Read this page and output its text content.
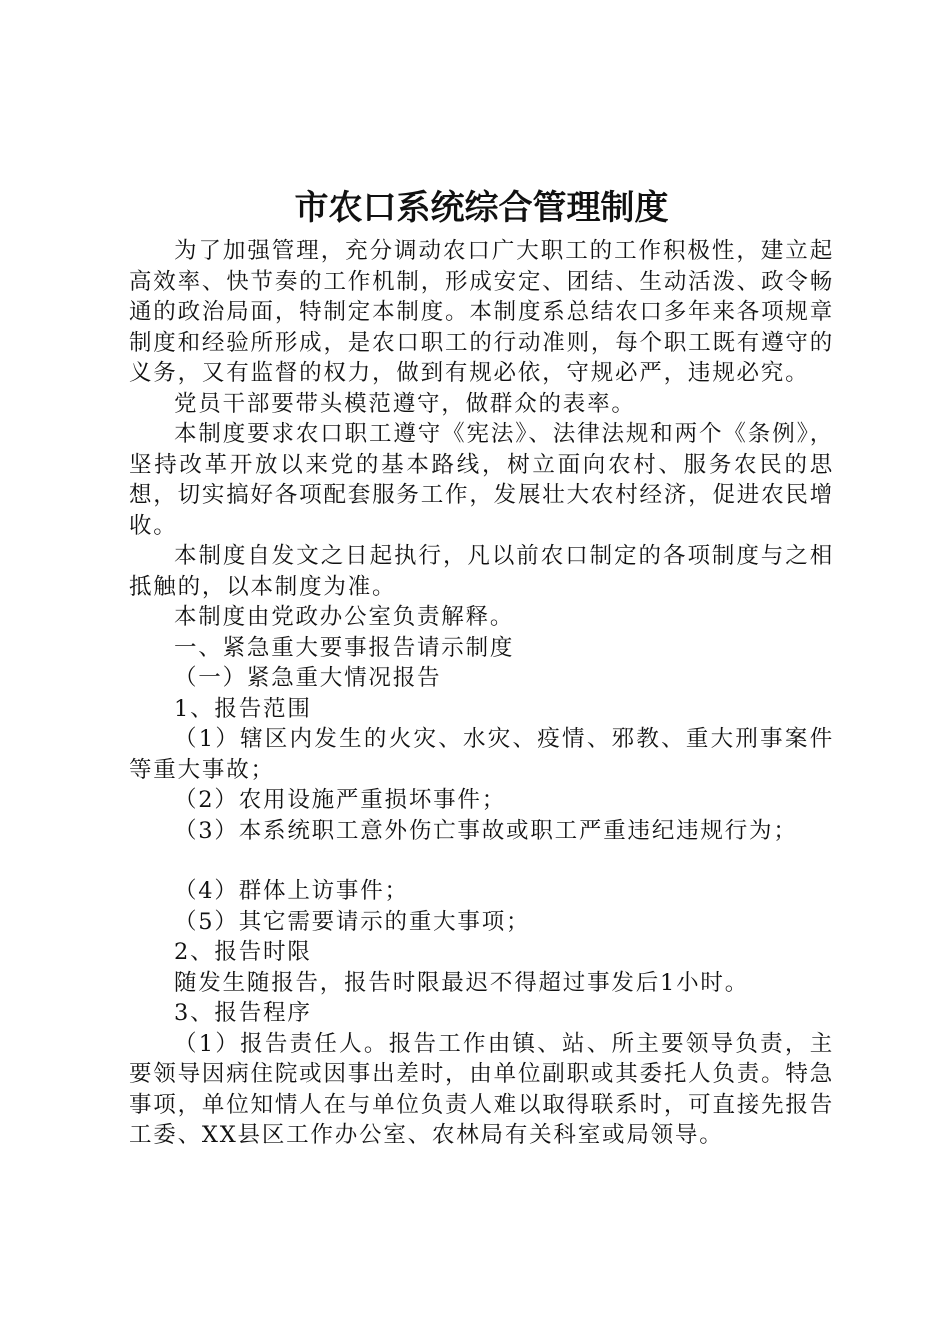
市农口系统综合管理制度

为了加强管理，充分调动农口广大职工的工作积极性，建立起高效率、快节奏的工作机制，形成安定、团结、生动活泼、政令畅通的政治局面，特制定本制度。本制度系总结农口多年来各项规章制度和经验所形成，是农口职工的行动准则，每个职工既有遵守的义务，又有监督的权力，做到有规必依，守规必严，违规必究。

党员干部要带头模范遵守，做群众的表率。

本制度要求农口职工遵守《宪法》、法律法规和两个《条例》，坚持改革开放以来党的基本路线，树立面向农村、服务农民的思想，切实搞好各项配套服务工作，发展壮大农村经济，促进农民增收。

本制度自发文之日起执行，凡以前农口制定的各项制度与之相抵触的，以本制度为准。

本制度由党政办公室负责解释。

一、紧急重大要事报告请示制度

（一）紧急重大情况报告

1、报告范围

（1）辖区内发生的火灾、水灾、疫情、邪教、重大刑事案件等重大事故；

（2）农用设施严重损坏事件；

（3）本系统职工意外伤亡事故或职工严重违纪违规行为；

（4）群体上访事件；

（5）其它需要请示的重大事项；

2、报告时限

随发生随报告，报告时限最迟不得超过事发后1小时。

3、报告程序

（1）报告责任人。报告工作由镇、站、所主要领导负责，主要领导因病住院或因事出差时，由单位副职或其委托人负责。特急事项，单位知情人在与单位负责人难以取得联系时，可直接先报告工委、XX县区工作办公室、农林局有关科室或局领导。
